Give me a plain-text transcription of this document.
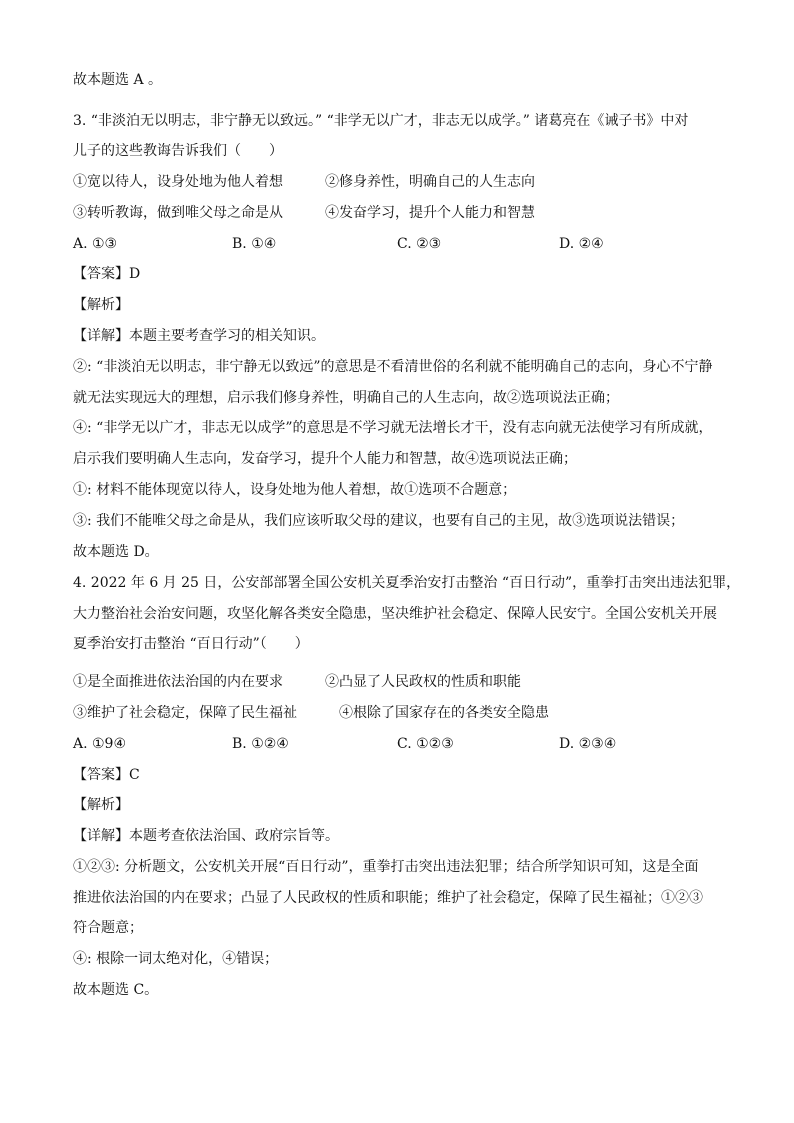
故本题选 A 。
3. “非淡泊无以明志，非宁静无以致远。” “非学无以广才，非志无以成学。” 诸葛亮在《诫子书》中对
儿子的这些教诲告诉我们（　　）
①宽以待人，设身处地为他人着想　　　②修身养性，明确自己的人生志向
③转听教诲，做到唯父母之命是从　　　④发奋学习，提升个人能力和智慧
A. ①③	B. ①④	C. ②③	D. ②④
【答案】D
【解析】
【详解】本题主要考查学习的相关知识。
②: “非淡泊无以明志，非宁静无以致远”的意思是不看清世俗的名利就不能明确自己的志向，身心不宁静
就无法实现远大的理想，启示我们修身养性，明确自己的人生志向，故②选项说法正确；
④: “非学无以广才，非志无以成学”的意思是不学习就无法增长才干，没有志向就无法使学习有所成就，
启示我们要明确人生志向，发奋学习，提升个人能力和智慧，故④选项说法正确；
①: 材料不能体现宽以待人，设身处地为他人着想，故①选项不合题意；
③: 我们不能唯父母之命是从，我们应该听取父母的建议，也要有自己的主见，故③选项说法错误；
故本题选 D。
4. 2022 年 6 月 25 日，公安部部署全国公安机关夏季治安打击整治 “百日行动”，重拳打击突出违法犯罪，
大力整治社会治安问题，攻坚化解各类安全隐患，坚决维护社会稳定、保障人民安宁。全国公安机关开展
夏季治安打击整治 “百日行动”（　　）
①是全面推进依法治国的内在要求　　　②凸显了人民政权的性质和职能
③维护了社会稳定，保障了民生福祉　　　④根除了国家存在的各类安全隐患
A. ①9④	B. ①②④	C. ①②③	D. ②③④
【答案】C
【解析】
【详解】本题考查依法治国、政府宗旨等。
①②③: 分析题文，公安机关开展“百日行动”，重拳打击突出违法犯罪；结合所学知识可知，这是全面
推进依法治国的内在要求；凸显了人民政权的性质和职能；维护了社会稳定，保障了民生福祉；①②③
符合题意；
④: 根除一词太绝对化，④错误；
故本题选 C。
